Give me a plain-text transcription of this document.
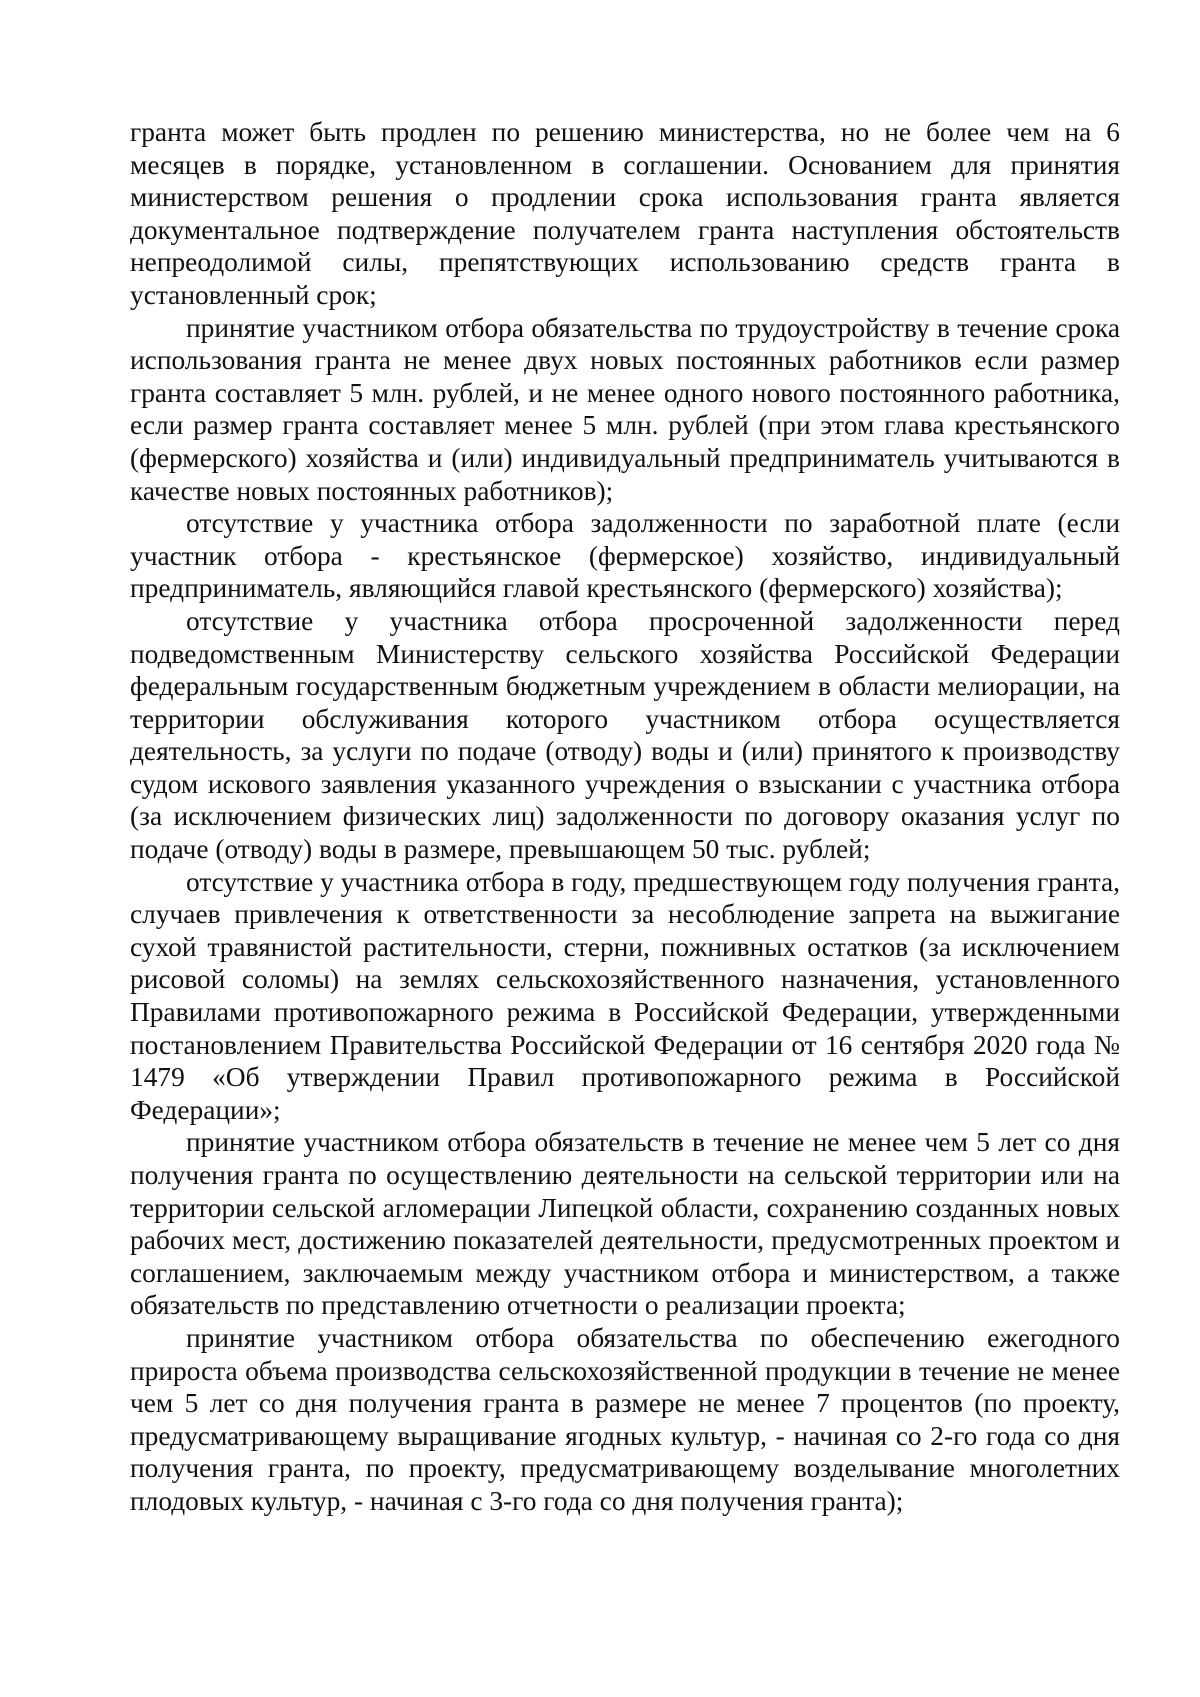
гранта может быть продлен по решению министерства, но не более чем на 6 месяцев в порядке, установленном в соглашении. Основанием для принятия министерством решения о продлении срока использования гранта является документальное подтверждение получателем гранта наступления обстоятельств непреодолимой силы, препятствующих использованию средств гранта в установленный срок;

принятие участником отбора обязательства по трудоустройству в течение срока использования гранта не менее двух новых постоянных работников если размер гранта составляет 5 млн. рублей, и не менее одного нового постоянного работника, если размер гранта составляет менее 5 млн. рублей (при этом глава крестьянского (фермерского) хозяйства и (или) индивидуальный предприниматель учитываются в качестве новых постоянных работников);

отсутствие у участника отбора задолженности по заработной плате (если участник отбора - крестьянское (фермерское) хозяйство, индивидуальный предприниматель, являющийся главой крестьянского (фермерского) хозяйства);

отсутствие у участника отбора просроченной задолженности перед подведомственным Министерству сельского хозяйства Российской Федерации федеральным государственным бюджетным учреждением в области мелиорации, на территории обслуживания которого участником отбора осуществляется деятельность, за услуги по подаче (отводу) воды и (или) принятого к производству судом искового заявления указанного учреждения о взыскании с участника отбора (за исключением физических лиц) задолженности по договору оказания услуг по подаче (отводу) воды в размере, превышающем 50 тыс. рублей;

отсутствие у участника отбора в году, предшествующем году получения гранта, случаев привлечения к ответственности за несоблюдение запрета на выжигание сухой травянистой растительности, стерни, пожнивных остатков (за исключением рисовой соломы) на землях сельскохозяйственного назначения, установленного Правилами противопожарного режима в Российской Федерации, утвержденными постановлением Правительства Российской Федерации от 16 сентября 2020 года № 1479 «Об утверждении Правил противопожарного режима в Российской Федерации»;

принятие участником отбора обязательств в течение не менее чем 5 лет со дня получения гранта по осуществлению деятельности на сельской территории или на территории сельской агломерации Липецкой области, сохранению созданных новых рабочих мест, достижению показателей деятельности, предусмотренных проектом и соглашением, заключаемым между участником отбора и министерством, а также обязательств по представлению отчетности о реализации проекта;

принятие участником отбора обязательства по обеспечению ежегодного прироста объема производства сельскохозяйственной продукции в течение не менее чем 5 лет со дня получения гранта в размере не менее 7 процентов (по проекту, предусматривающему выращивание ягодных культур, - начиная со 2-го года со дня получения гранта, по проекту, предусматривающему возделывание многолетних плодовых культур, - начиная с 3-го года со дня получения гранта);
